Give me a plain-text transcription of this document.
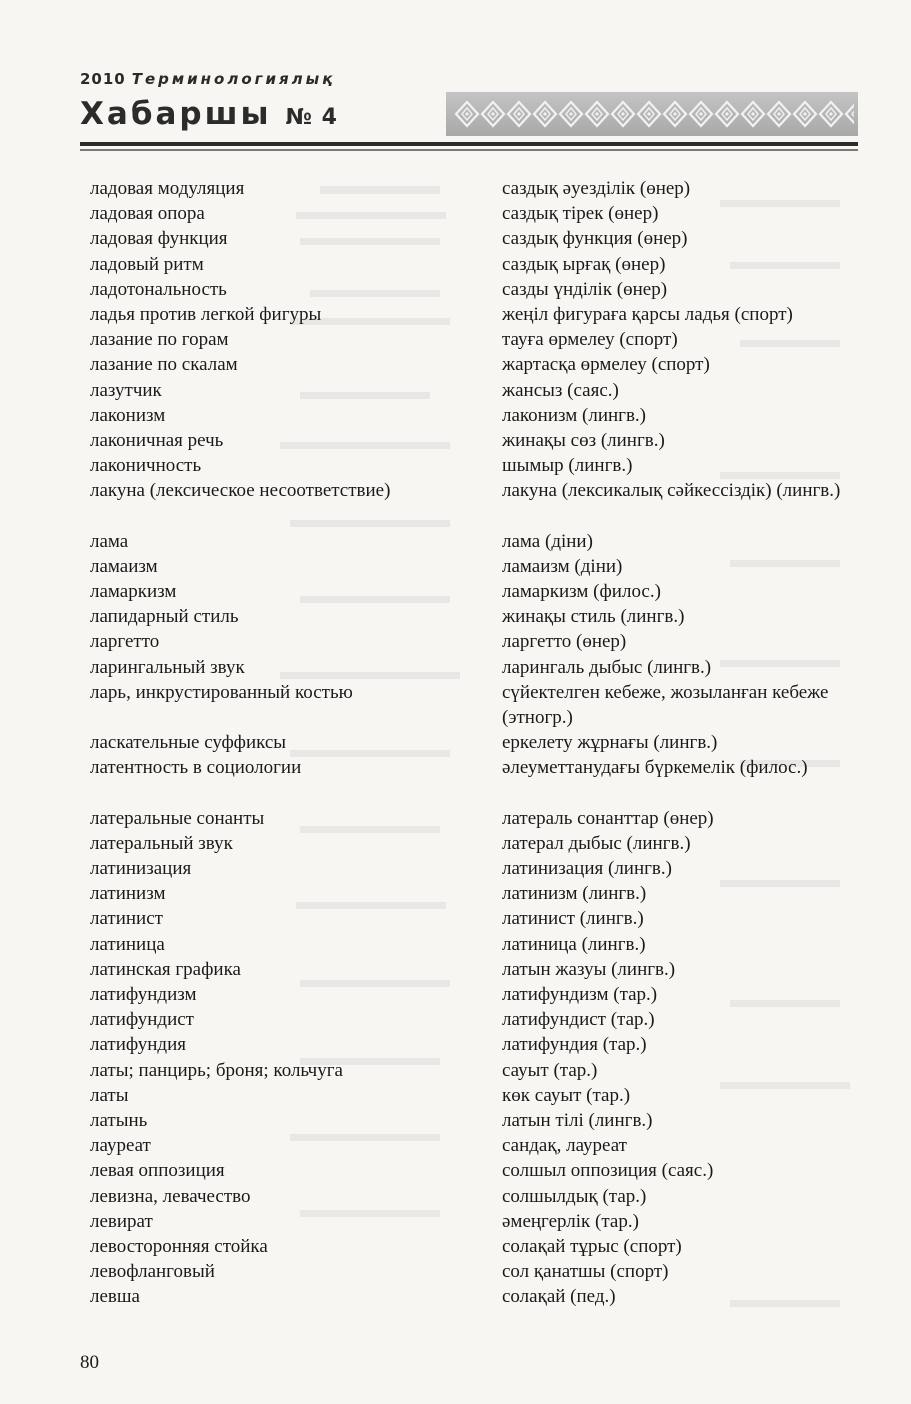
2010 Терминологиялық
Хабаршы № 4
ладовая модуляция
ладовая опора
ладовая функция
ладовый ритм
ладотональность
ладья против легкой фигуры
лазание по горам
лазание по скалам
лазутчик
лаконизм
лаконичная речь
лаконичность
лакуна (лексическое несоответствие)
лама
ламаизм
ламаркизм
лапидарный стиль
ларгетто
ларингальный звук
ларь, инкрустированный костью
ласкательные суффиксы
латентность в социологии
латеральные сонанты
латеральный звук
латинизация
латинизм
латинист
латиница
латинская графика
латифундизм
латифундист
латифундия
латы; панцирь; броня; кольчуга
латы
латынь
лауреат
левая оппозиция
левизна, левачество
левират
левосторонняя стойка
левофланговый
левша
саздық әуезділік (өнер)
саздық тірек (өнер)
саздық функция (өнер)
саздық ырғақ (өнер)
сазды үнділік (өнер)
жеңіл фигураға қарсы ладья (спорт)
тауға өрмелеу (спорт)
жартасқа өрмелеу (спорт)
жансыз (саяс.)
лаконизм (лингв.)
жинақы сөз (лингв.)
шымыр (лингв.)
лакуна (лексикалық сәйкессіздік) (лингв.)
лама (діни)
ламаизм (діни)
ламаркизм (филос.)
жинақы стиль (лингв.)
ларгетто (өнер)
ларингаль дыбыс (лингв.)
сүйектелген кебеже, жозыланған кебеже (этногр.)
еркелету жұрнағы (лингв.)
әлеуметтанудағы бүркемелік (филос.)
латераль сонанттар (өнер)
латерал дыбыс (лингв.)
латинизация (лингв.)
латинизм (лингв.)
латинист (лингв.)
латиница (лингв.)
латын жазуы (лингв.)
латифундизм (тар.)
латифундист (тар.)
латифундия (тар.)
сауыт (тар.)
көк сауыт (тар.)
латын тілі (лингв.)
сандақ, лауреат
солшыл оппозиция (саяс.)
солшылдық (тар.)
әмеңгерлік (тар.)
солақай тұрыс (спорт)
сол қанатшы (спорт)
солақай (пед.)
80
